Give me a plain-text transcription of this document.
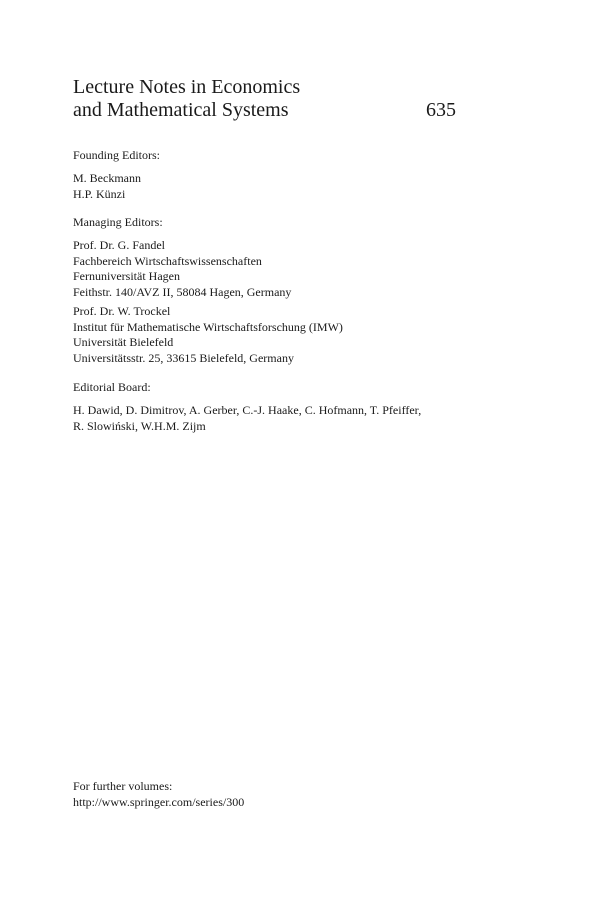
Lecture Notes in Economics
and Mathematical Systems	635
Founding Editors:
M. Beckmann
H.P. Künzi
Managing Editors:
Prof. Dr. G. Fandel
Fachbereich Wirtschaftswissenschaften
Fernuniversität Hagen
Feithstr. 140/AVZ II, 58084 Hagen, Germany
Prof. Dr. W. Trockel
Institut für Mathematische Wirtschaftsforschung (IMW)
Universität Bielefeld
Universitätsstr. 25, 33615 Bielefeld, Germany
Editorial Board:
H. Dawid, D. Dimitrov, A. Gerber, C.-J. Haake, C. Hofmann, T. Pfeiffer,
R. Slowiński, W.H.M. Zijm
For further volumes:
http://www.springer.com/series/300
